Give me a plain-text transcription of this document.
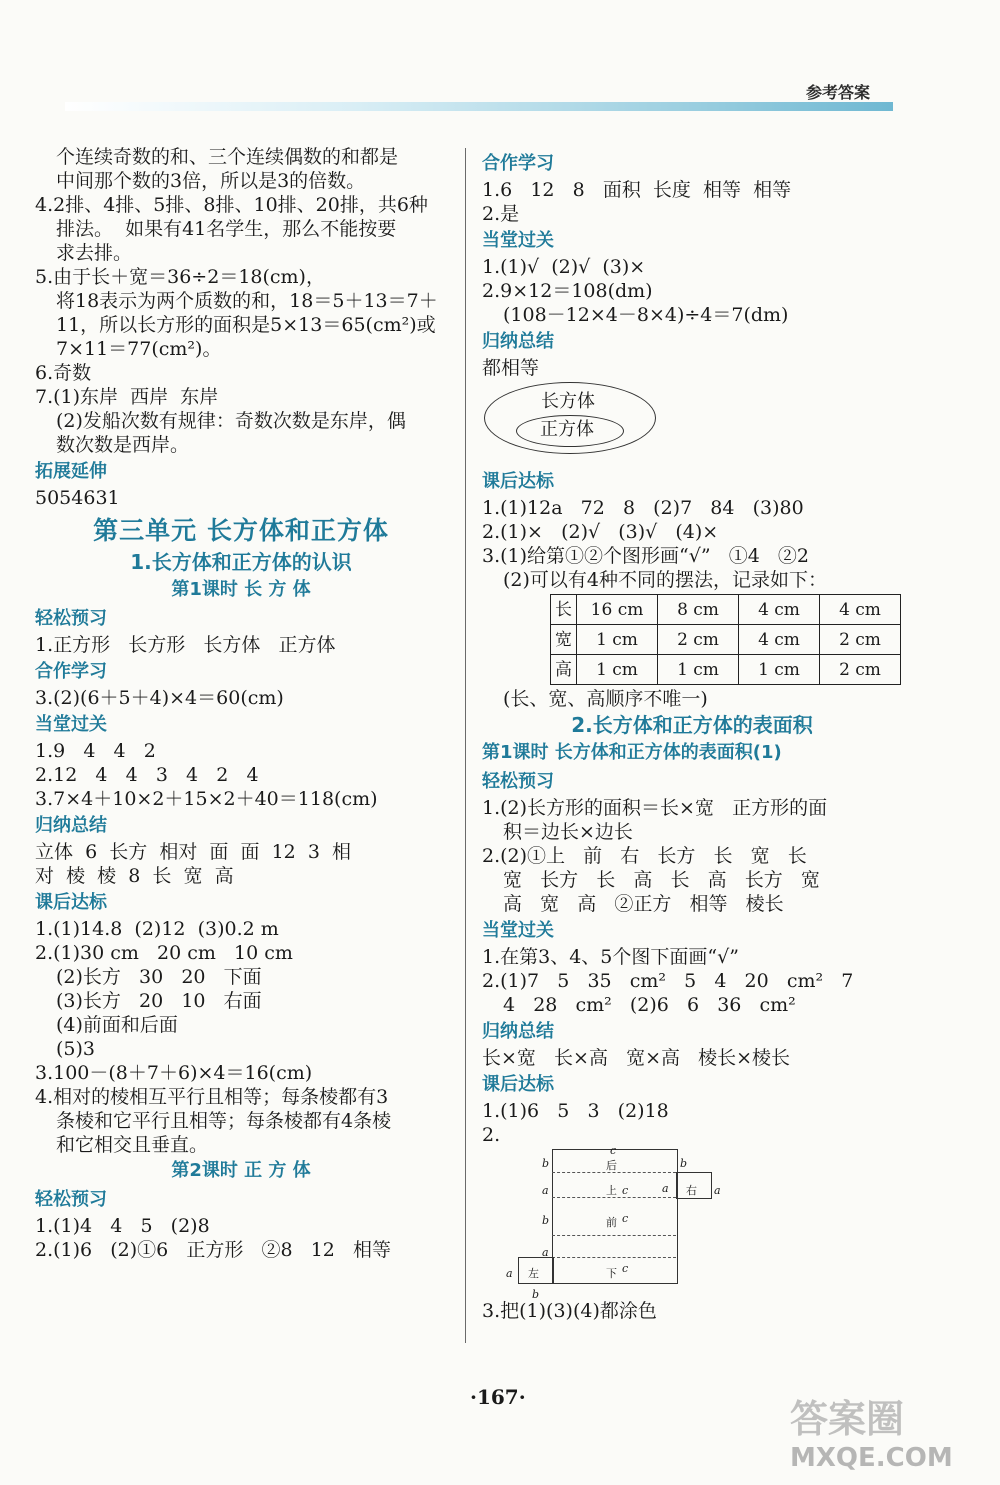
参考答案
个连续奇数的和、三个连续偶数的和都是
中间那个数的3倍，所以是3的倍数。
4.2排、4排、5排、8排、10排、20排，共6种
排法。  如果有41名学生，那么不能按要
求去排。
5.由于长＋宽＝36÷2＝18(cm)，
将18表示为两个质数的和，18＝5＋13＝7＋
11，所以长方形的面积是5×13＝65(cm²)或
7×11＝77(cm²)。
6.奇数
7.(1)东岸  西岸  东岸
(2)发船次数有规律：奇数次数是东岸，偶
数次数是西岸。
拓展延伸
5054631
第三单元 长方体和正方体
1.长方体和正方体的认识
第1课时 长 方 体
轻松预习
1.正方形   长方形   长方体   正方体
合作学习
3.(2)(6＋5＋4)×4＝60(cm)
当堂过关
1.9   4   4   2
2.12   4   4   3   4   2   4
3.7×4＋10×2＋15×2＋40＝118(cm)
归纳总结
立体  6  长方  相对  面  面  12  3  相
对  棱  棱  8  长  宽  高
课后达标
1.(1)14.8  (2)12  (3)0.2 m
2.(1)30 cm   20 cm   10 cm
(2)长方   30   20   下面
(3)长方   20   10   右面
(4)前面和后面
(5)3
3.100－(8＋7＋6)×4＝16(cm)
4.相对的棱相互平行且相等；每条棱都有3
条棱和它平行且相等；每条棱都有4条棱
和它相交且垂直。
第2课时 正 方 体
轻松预习
1.(1)4   4   5   (2)8
2.(1)6   (2)①6   正方形   ②8   12   相等
合作学习
1.6   12   8   面积  长度  相等  相等
2.是
当堂过关
1.(1)√  (2)√  (3)×
2.9×12＝108(dm)
(108－12×4－8×4)÷4＝7(dm)
归纳总结
都相等
长方体
正方体
课后达标
1.(1)12a   72   8   (2)7   84   (3)80
2.(1)×   (2)√   (3)√   (4)×
3.(1)给第①②个图形画“√”   ①4   ②2
(2)可以有4种不同的摆法，记录如下：
长	16 cm	8 cm	4 cm	4 cm
宽	1 cm	2 cm	4 cm	2 cm
高	1 cm	1 cm	1 cm	2 cm
(长、宽、高顺序不唯一)
2.长方体和正方体的表面积
第1课时 长方体和正方体的表面积(1)
轻松预习
1.(2)长方形的面积＝长×宽   正方形的面
积＝边长×边长
2.(2)①上   前   右   长方   长   宽   长
宽   长方   长   高   长   高   长方   宽
高   宽   高   ②正方   相等   棱长
当堂过关
1.在第3、4、5个图下面画“√”
2.(1)7   5   35   cm²   5   4   20   cm²   7
4   28   cm²   (2)6   6   36   cm²
归纳总结
长×宽   长×高   宽×高   棱长×棱长
课后达标
1.(1)6   5   3   (2)18
2.
后
上	右
前
下
左
c
b	b
a	a	a
c
b	c
a
c
a
b
3.把(1)(3)(4)都涂色
·167·	答案圈
MXQE.COM
